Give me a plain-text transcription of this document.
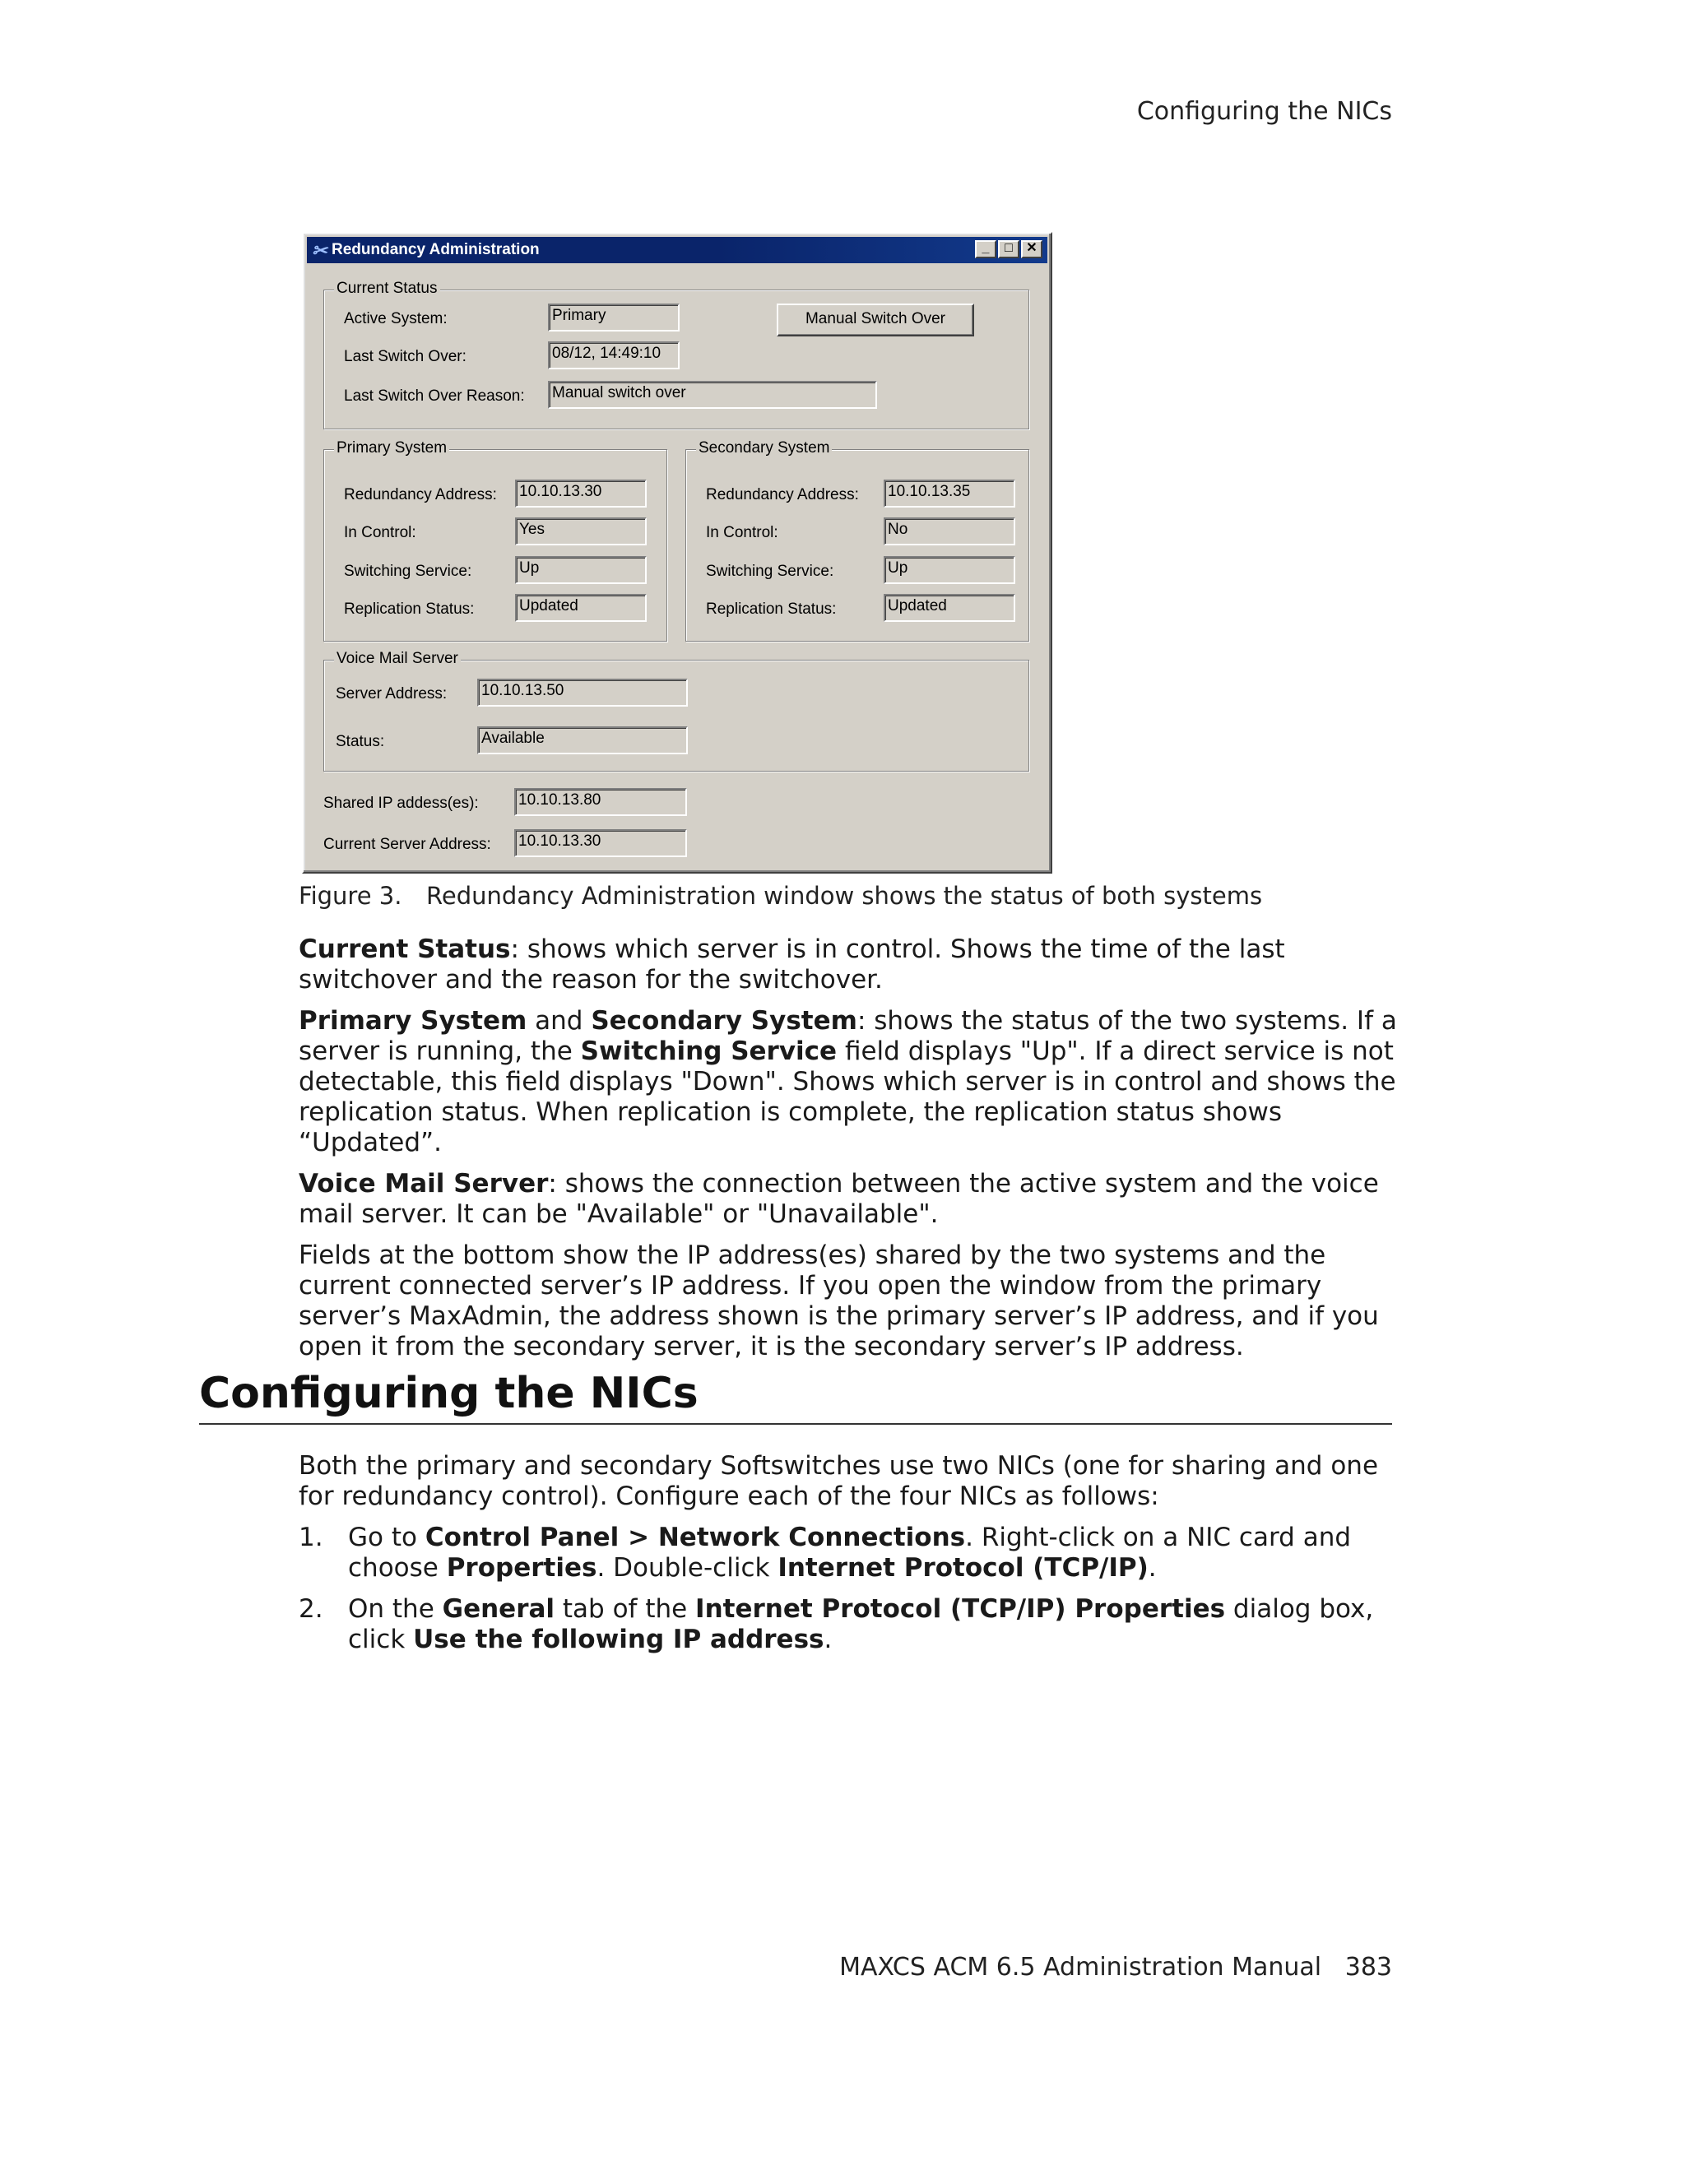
Configuring the NICs
✂ Redundancy Administration	_	□	✕
Current Status
Active System:	Primary
Last Switch Over:	08/12, 14:49:10
Last Switch Over Reason: Manual switch over
Manual Switch Over
Primary System
Redundancy Address: 10.10.13.30
In Control:	Yes
Switching Service:	Up
Replication Status:	Updated
Secondary System
Redundancy Address: 10.10.13.35
In Control:	No
Switching Service:	Up
Replication Status:	Updated
Voice Mail Server
Server Address: 10.10.13.50
Status:	Available
Shared IP addess(es):	10.10.13.80
Current Server Address: 10.10.13.30
Figure 3. Redundancy Administration window shows the status of both systems

Current Status: shows which server is in control. Shows the time of the last switchover and the reason for the switchover.

Primary System and Secondary System: shows the status of the two systems. If a server is running, the Switching Service field displays "Up". If a direct service is not detectable, this field displays "Down". Shows which server is in control and shows the replication status. When replication is complete, the replication status shows “Updated”.

Voice Mail Server: shows the connection between the active system and the voice mail server. It can be "Available" or "Unavailable".

Fields at the bottom show the IP address(es) shared by the two systems and the current connected server’s IP address. If you open the window from the primary server’s MaxAdmin, the address shown is the primary server’s IP address, and if you open it from the secondary server, it is the secondary server’s IP address.

Configuring the NICs

Both the primary and secondary Softswitches use two NICs (one for sharing and one for redundancy control). Configure each of the four NICs as follows:

1. Go to Control Panel > Network Connections. Right-click on a NIC card and choose Properties. Double-click Internet Protocol (TCP/IP).
2. On the General tab of the Internet Protocol (TCP/IP) Properties dialog box, click Use the following IP address.
MAXCS ACM 6.5 Administration Manual 383
